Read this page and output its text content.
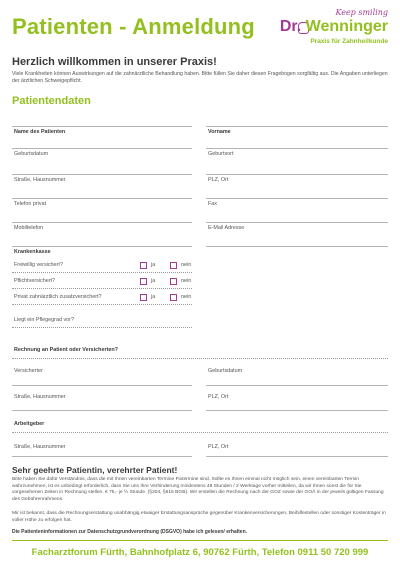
Patienten - Anmeldung
Keep smiling
Dr. Wenninger
Praxis für Zahnheilkunde
Herzlich willkommen in unserer Praxis!
Viele Krankheiten können Auswirkungen auf die zahnärztliche Behandlung haben. Bitte füllen Sie daher diesen Fragebogen sorgfältig aus. Die Angaben unterliegen der ärztlichen Schweigepflicht.
Patientendaten
Name des Patienten	Vorname
Geburtsdatum	Geburtsort
Straße, Hausnummer	PLZ, Ort
Telefon privat	Fax
Mobiltelefon	E-Mail Adresse
Krankenkasse
Freiwillig versichert?	ja	nein
Pflichtversichert?	ja	nein
Privat zahnärztlich zusatzversichert?	ja	nein
Liegt ein Pflegegrad vor?
Rechnung an Patient oder Versicherten?
Versicherter	Geburtsdatum
Straße, Hausnummer	PLZ, Ort
Arbeitgeber
Straße, Hausnummer	PLZ, Ort
Sehr geehrte Patientin, verehrter Patient!
Bitte haben Sie dafür Verständnis, dass die mit Ihnen vereinbarten Termine Fixtermine sind. Sollte es Ihnen einmal nicht möglich sein, einen vereinbarten Termin wahrzunehmen, ist es unbedingt erforderlich, dass Sie uns Ihre Verhinderung mindestens 48 Stunden / 2 Werktage vorher mitteilen, da wir Ihnen sonst die für Sie vorgesehenen Zeiten in Rechnung stellen. € 75,- je ½ Stunde. (§304, §615 BGB). Wir erstellen die Rechnung nach der GOZ sowie der GOÄ in der jeweils gültigen Fassung des Gebührenrahmens.
Mir ist bekannt, dass die Rechnungserstattung unabhängig etwaiger Erstattungsansprüche gegenüber Krankenversicherungen, Beihilfestellen oder sonstiger Kostenträger in voller Höhe zu erfolgen hat.
Die Patienteninformationen zur Datenschutzgrundverordnung (DSGVO) habe ich gelesen/ erhalten.
Facharztforum Fürth, Bahnhofplatz 6, 90762 Fürth, Telefon 0911 50 720 999
